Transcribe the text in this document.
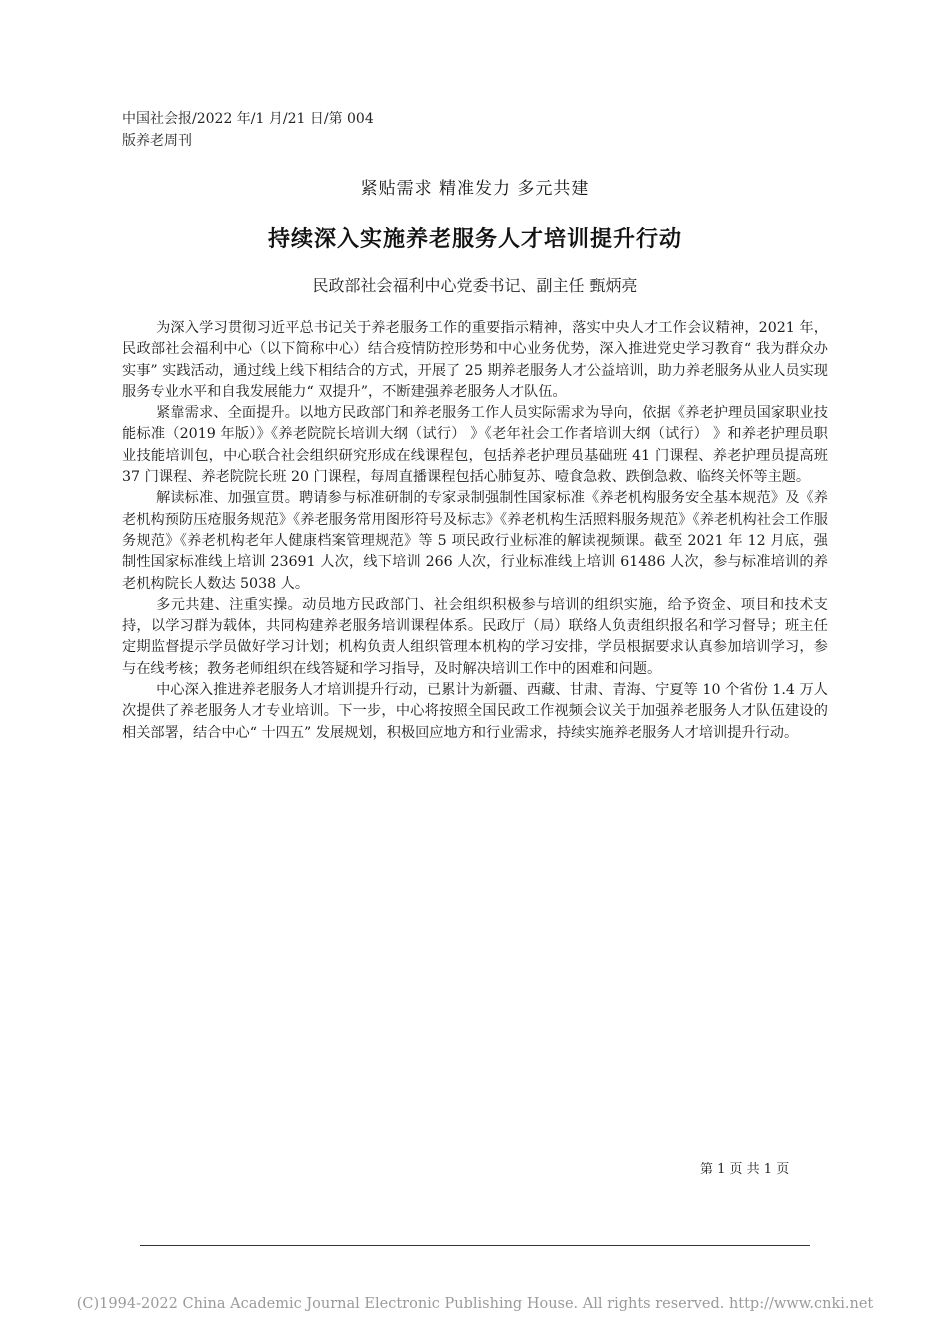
中国社会报/2022 年/1 月/21 日/第 004
版养老周刊
紧贴需求 精准发力 多元共建
持续深入实施养老服务人才培训提升行动
民政部社会福利中心党委书记、副主任 甄炳亮

为深入学习贯彻习近平总书记关于养老服务工作的重要指示精神，落实中央人才工作会议精神，2021 年，民政部社会福利中心（以下简称中心）结合疫情防控形势和中心业务优势，深入推进党史学习教育“ 我为群众办实事” 实践活动，通过线上线下相结合的方式，开展了 25 期养老服务人才公益培训，助力养老服务从业人员实现服务专业水平和自我发展能力“ 双提升”，不断建强养老服务人才队伍。

紧靠需求、全面提升。以地方民政部门和养老服务工作人员实际需求为导向，依据《养老护理员国家职业技能标准（2019 年版）》《养老院院长培训大纲（试行） 》《老年社会工作者培训大纲（试行） 》和养老护理员职业技能培训包，中心联合社会组织研究形成在线课程包，包括养老护理员基础班 41 门课程、养老护理员提高班 37 门课程、养老院院长班 20 门课程，每周直播课程包括心肺复苏、噎食急救、跌倒急救、临终关怀等主题。

解读标准、加强宣贯。聘请参与标准研制的专家录制强制性国家标准《养老机构服务安全基本规范》及《养老机构预防压疮服务规范》《养老服务常用图形符号及标志》《养老机构生活照料服务规范》《养老机构社会工作服务规范》《养老机构老年人健康档案管理规范》等 5 项民政行业标准的解读视频课。截至 2021 年 12 月底，强制性国家标准线上培训 23691 人次，线下培训 266 人次，行业标准线上培训 61486 人次，参与标准培训的养老机构院长人数达 5038 人。

多元共建、注重实操。动员地方民政部门、社会组织积极参与培训的组织实施，给予资金、项目和技术支持，以学习群为载体，共同构建养老服务培训课程体系。民政厅（局）联络人负责组织报名和学习督导；班主任定期监督提示学员做好学习计划；机构负责人组织管理本机构的学习安排，学员根据要求认真参加培训学习，参与在线考核；教务老师组织在线答疑和学习指导，及时解决培训工作中的困难和问题。

中心深入推进养老服务人才培训提升行动，已累计为新疆、西藏、甘肃、青海、宁夏等 10 个省份 1.4 万人次提供了养老服务人才专业培训。下一步，中心将按照全国民政工作视频会议关于加强养老服务人才队伍建设的相关部署，结合中心“ 十四五” 发展规划，积极回应地方和行业需求，持续实施养老服务人才培训提升行动。

第 1 页 共 1 页
(C)1994-2022 China Academic Journal Electronic Publishing House. All rights reserved. http://www.cnki.net
